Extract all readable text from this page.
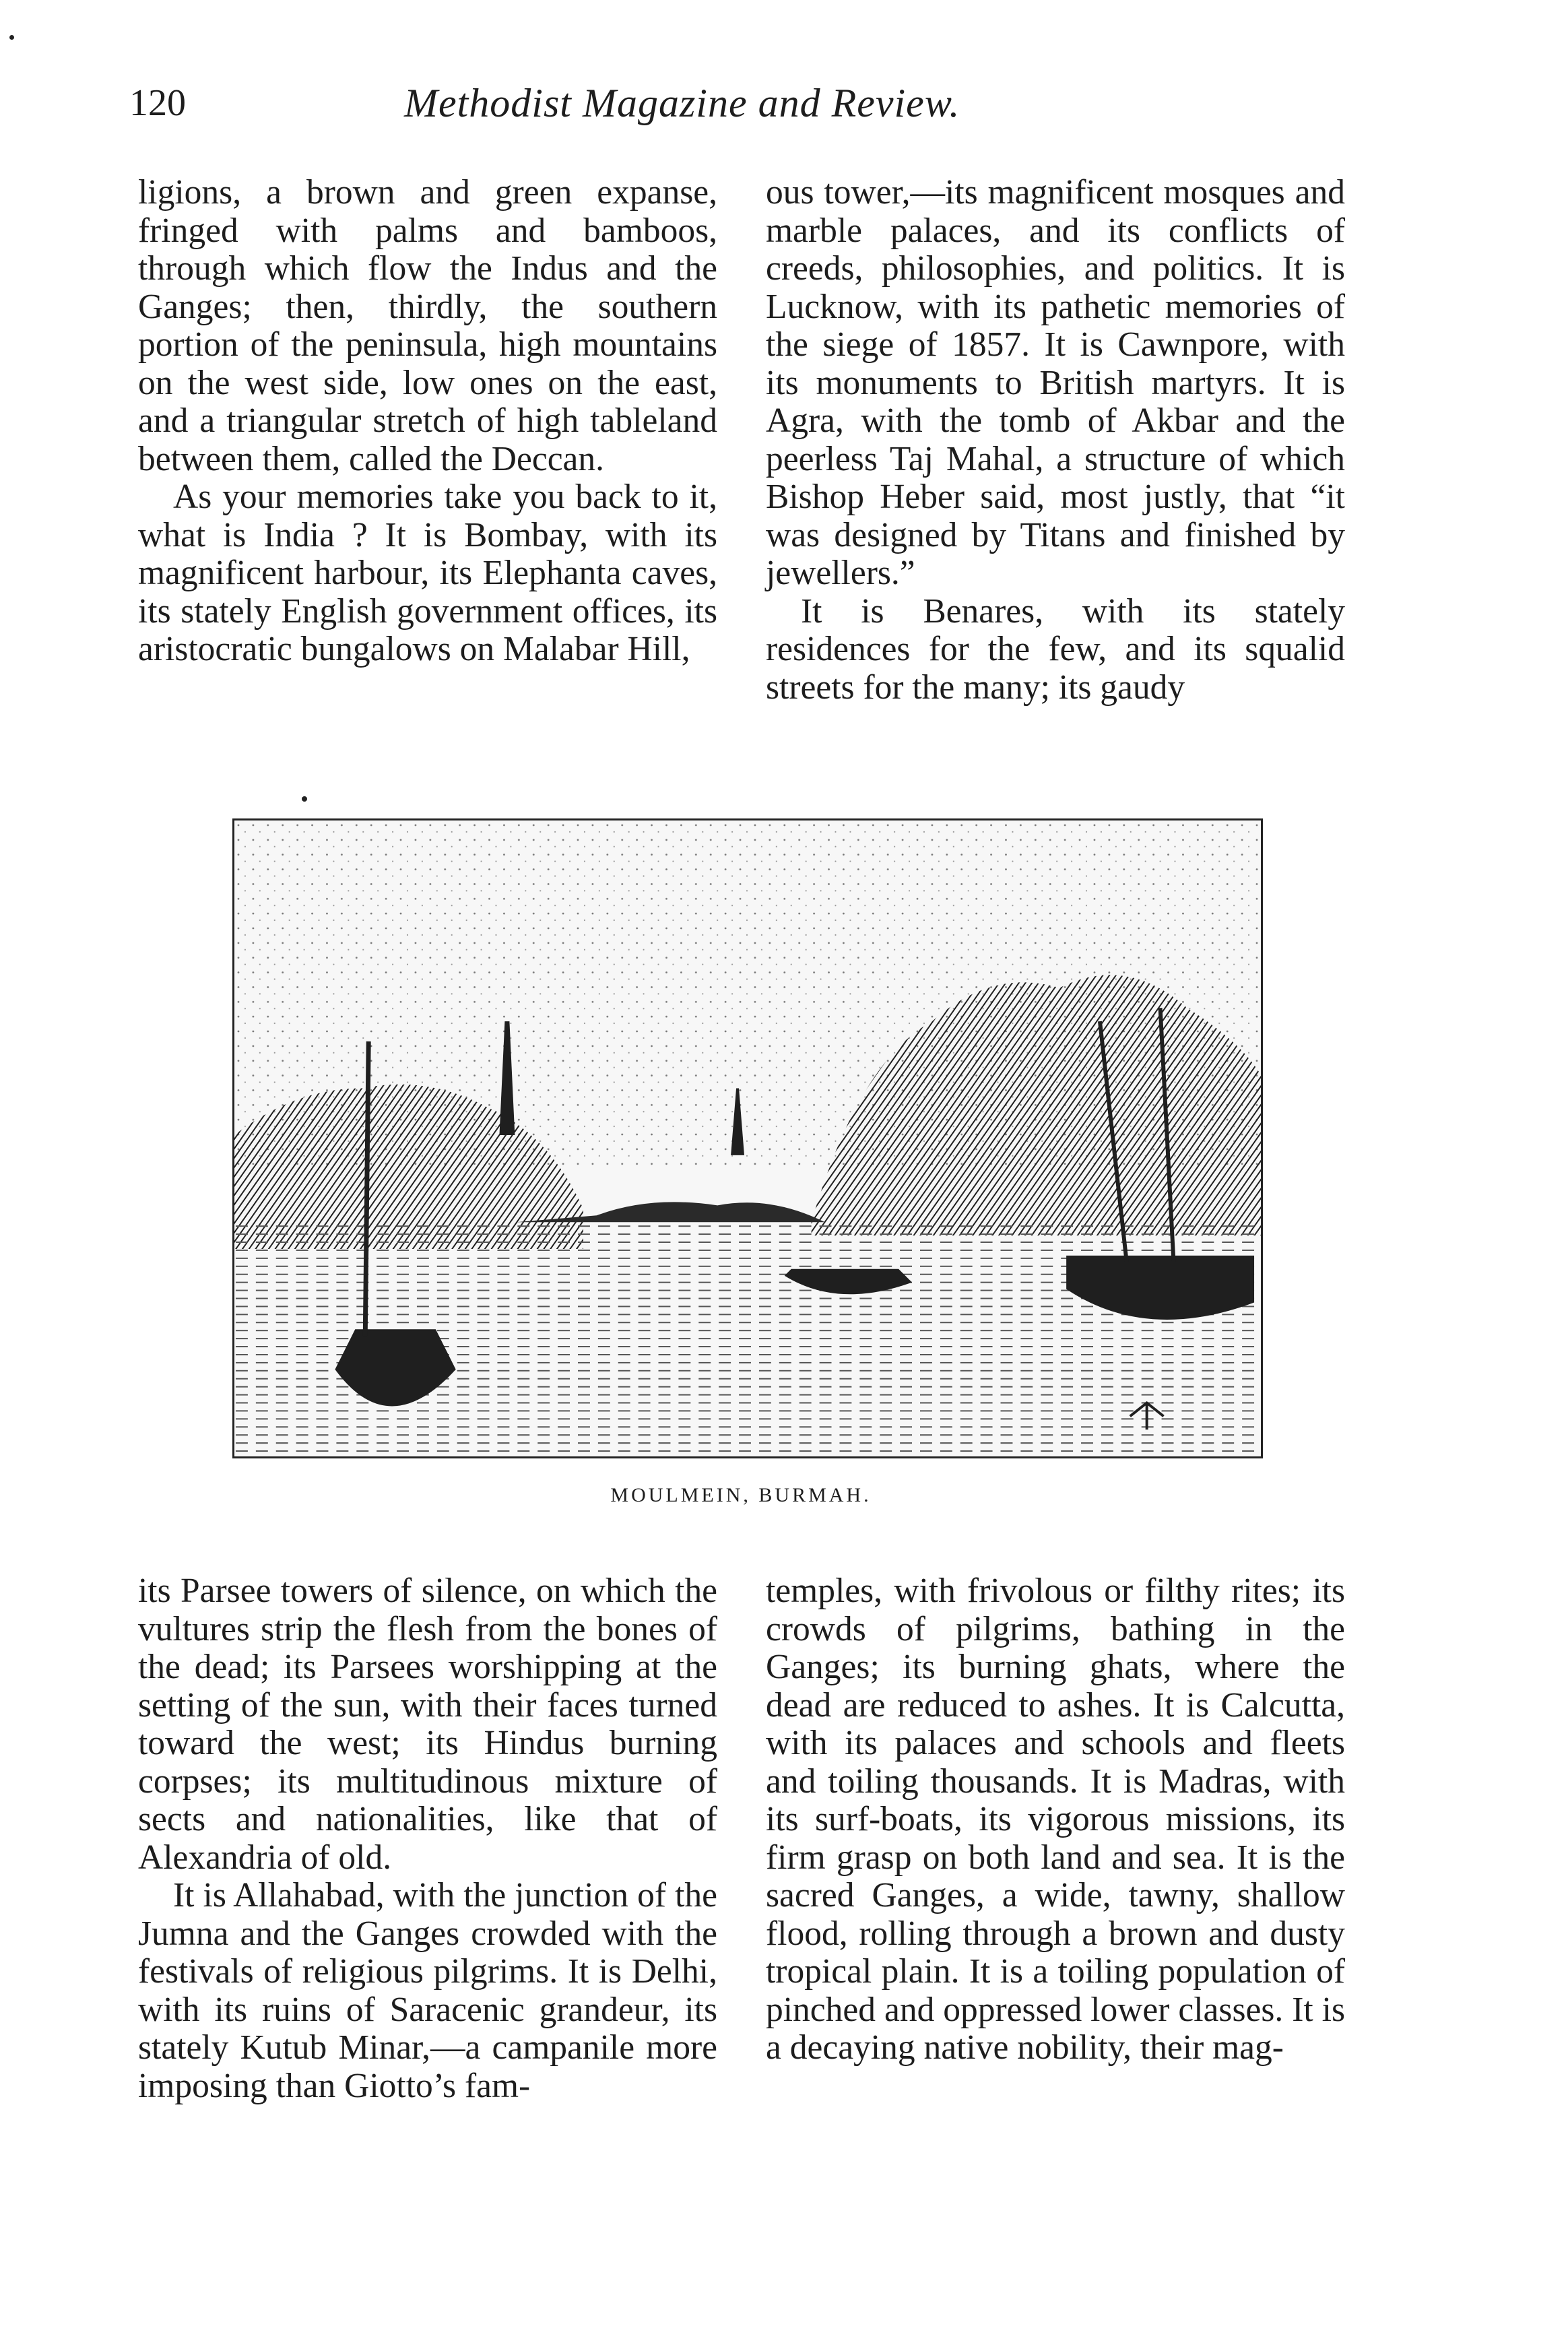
120	Methodist Magazine and Review.

ligions, a brown and green expanse, fringed with palms and bamboos, through which flow the Indus and the Ganges; then, thirdly, the southern portion of the peninsula, high mountains on the west side, low ones on the east, and a triangular stretch of high tableland between them, called the Deccan.

As your memories take you back to it, what is India ? It is Bombay, with its magnificent harbour, its Elephanta caves, its stately English government offices, its aristocratic bungalows on Malabar Hill,

ous tower,—its magnificent mosques and marble palaces, and its conflicts of creeds, philosophies, and politics. It is Lucknow, with its pathetic memories of the siege of 1857. It is Cawnpore, with its monuments to British martyrs. It is Agra, with the tomb of Akbar and the peerless Taj Mahal, a structure of which Bishop Heber said, most justly, that “it was designed by Titans and finished by jewellers.”

It is Benares, with its stately residences for the few, and its squalid streets for the many; its gaudy

MOULMEIN, BURMAH.

its Parsee towers of silence, on which the vultures strip the flesh from the bones of the dead; its Parsees worshipping at the setting of the sun, with their faces turned toward the west; its Hindus burning corpses; its multitudinous mixture of sects and nationalities, like that of Alexandria of old.

It is Allahabad, with the junction of the Jumna and the Ganges crowded with the festivals of religious pilgrims. It is Delhi, with its ruins of Saracenic grandeur, its stately Kutub Minar,—a campanile more imposing than Giotto’s fam-

temples, with frivolous or filthy rites; its crowds of pilgrims, bathing in the Ganges; its burning ghats, where the dead are reduced to ashes. It is Calcutta, with its palaces and schools and fleets and toiling thousands. It is Madras, with its surf-boats, its vigorous missions, its firm grasp on both land and sea. It is the sacred Ganges, a wide, tawny, shallow flood, rolling through a brown and dusty tropical plain. It is a toiling population of pinched and oppressed lower classes. It is a decaying native nobility, their mag-
